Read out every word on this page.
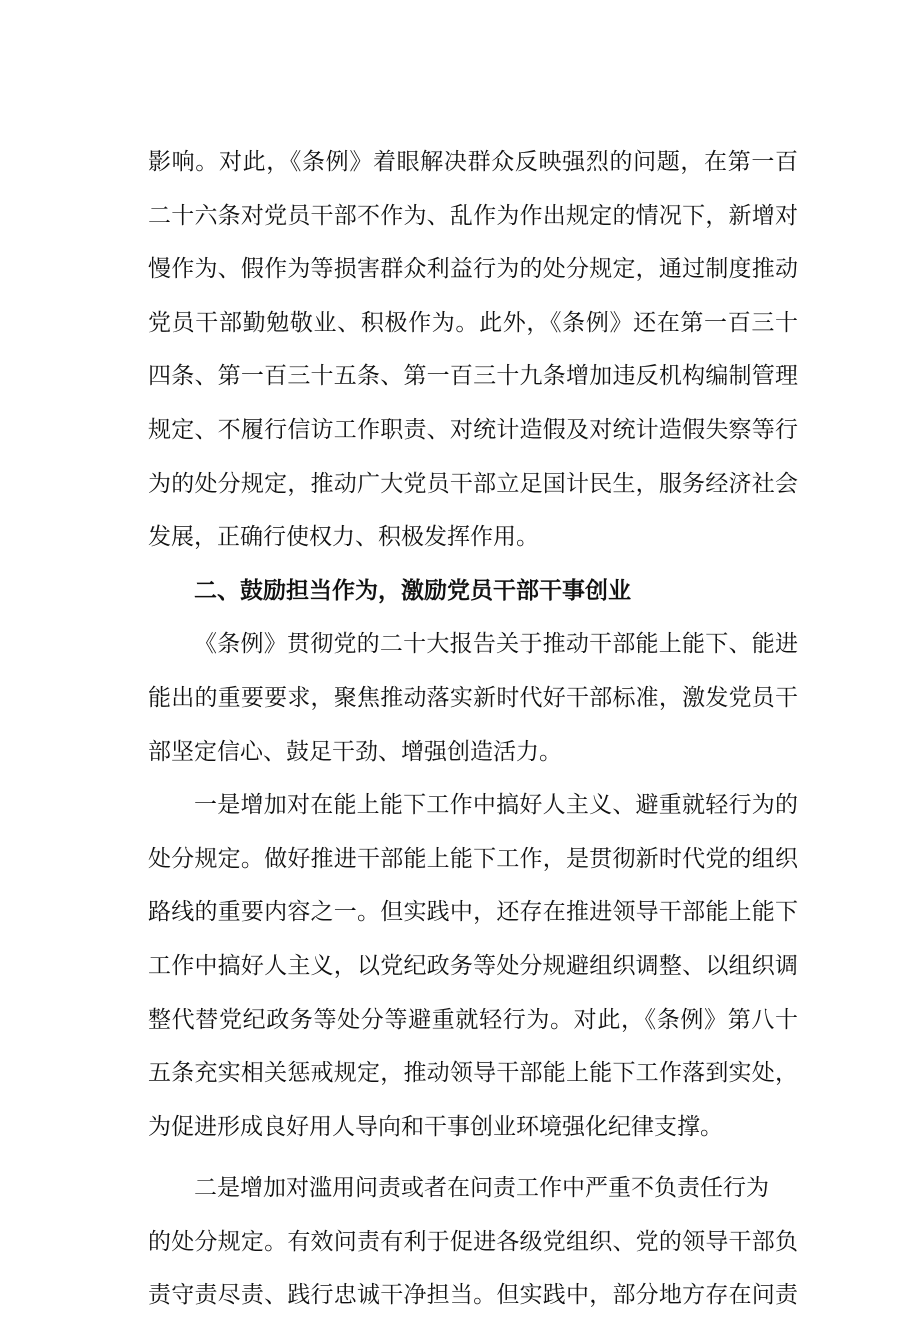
影响。对此，《条例》着眼解决群众反映强烈的问题，在第一百
二十六条对党员干部不作为、乱作为作出规定的情况下，新增对
慢作为、假作为等损害群众利益行为的处分规定，通过制度推动
党员干部勤勉敬业、积极作为。此外，《条例》还在第一百三十
四条、第一百三十五条、第一百三十九条增加违反机构编制管理
规定、不履行信访工作职责、对统计造假及对统计造假失察等行
为的处分规定，推动广大党员干部立足国计民生，服务经济社会
发展，正确行使权力、积极发挥作用。
二、鼓励担当作为，激励党员干部干事创业
《条例》贯彻党的二十大报告关于推动干部能上能下、能进
能出的重要要求，聚焦推动落实新时代好干部标准，激发党员干
部坚定信心、鼓足干劲、增强创造活力。
一是增加对在能上能下工作中搞好人主义、避重就轻行为的
处分规定。做好推进干部能上能下工作，是贯彻新时代党的组织
路线的重要内容之一。但实践中，还存在推进领导干部能上能下
工作中搞好人主义，以党纪政务等处分规避组织调整、以组织调
整代替党纪政务等处分等避重就轻行为。对此，《条例》第八十
五条充实相关惩戒规定，推动领导干部能上能下工作落到实处，
为促进形成良好用人导向和干事创业环境强化纪律支撑。
二是增加对滥用问责或者在问责工作中严重不负责任行为
的处分规定。有效问责有利于促进各级党组织、党的领导干部负
责守责尽责、践行忠诚干净担当。但实践中，部分地方存在问责
